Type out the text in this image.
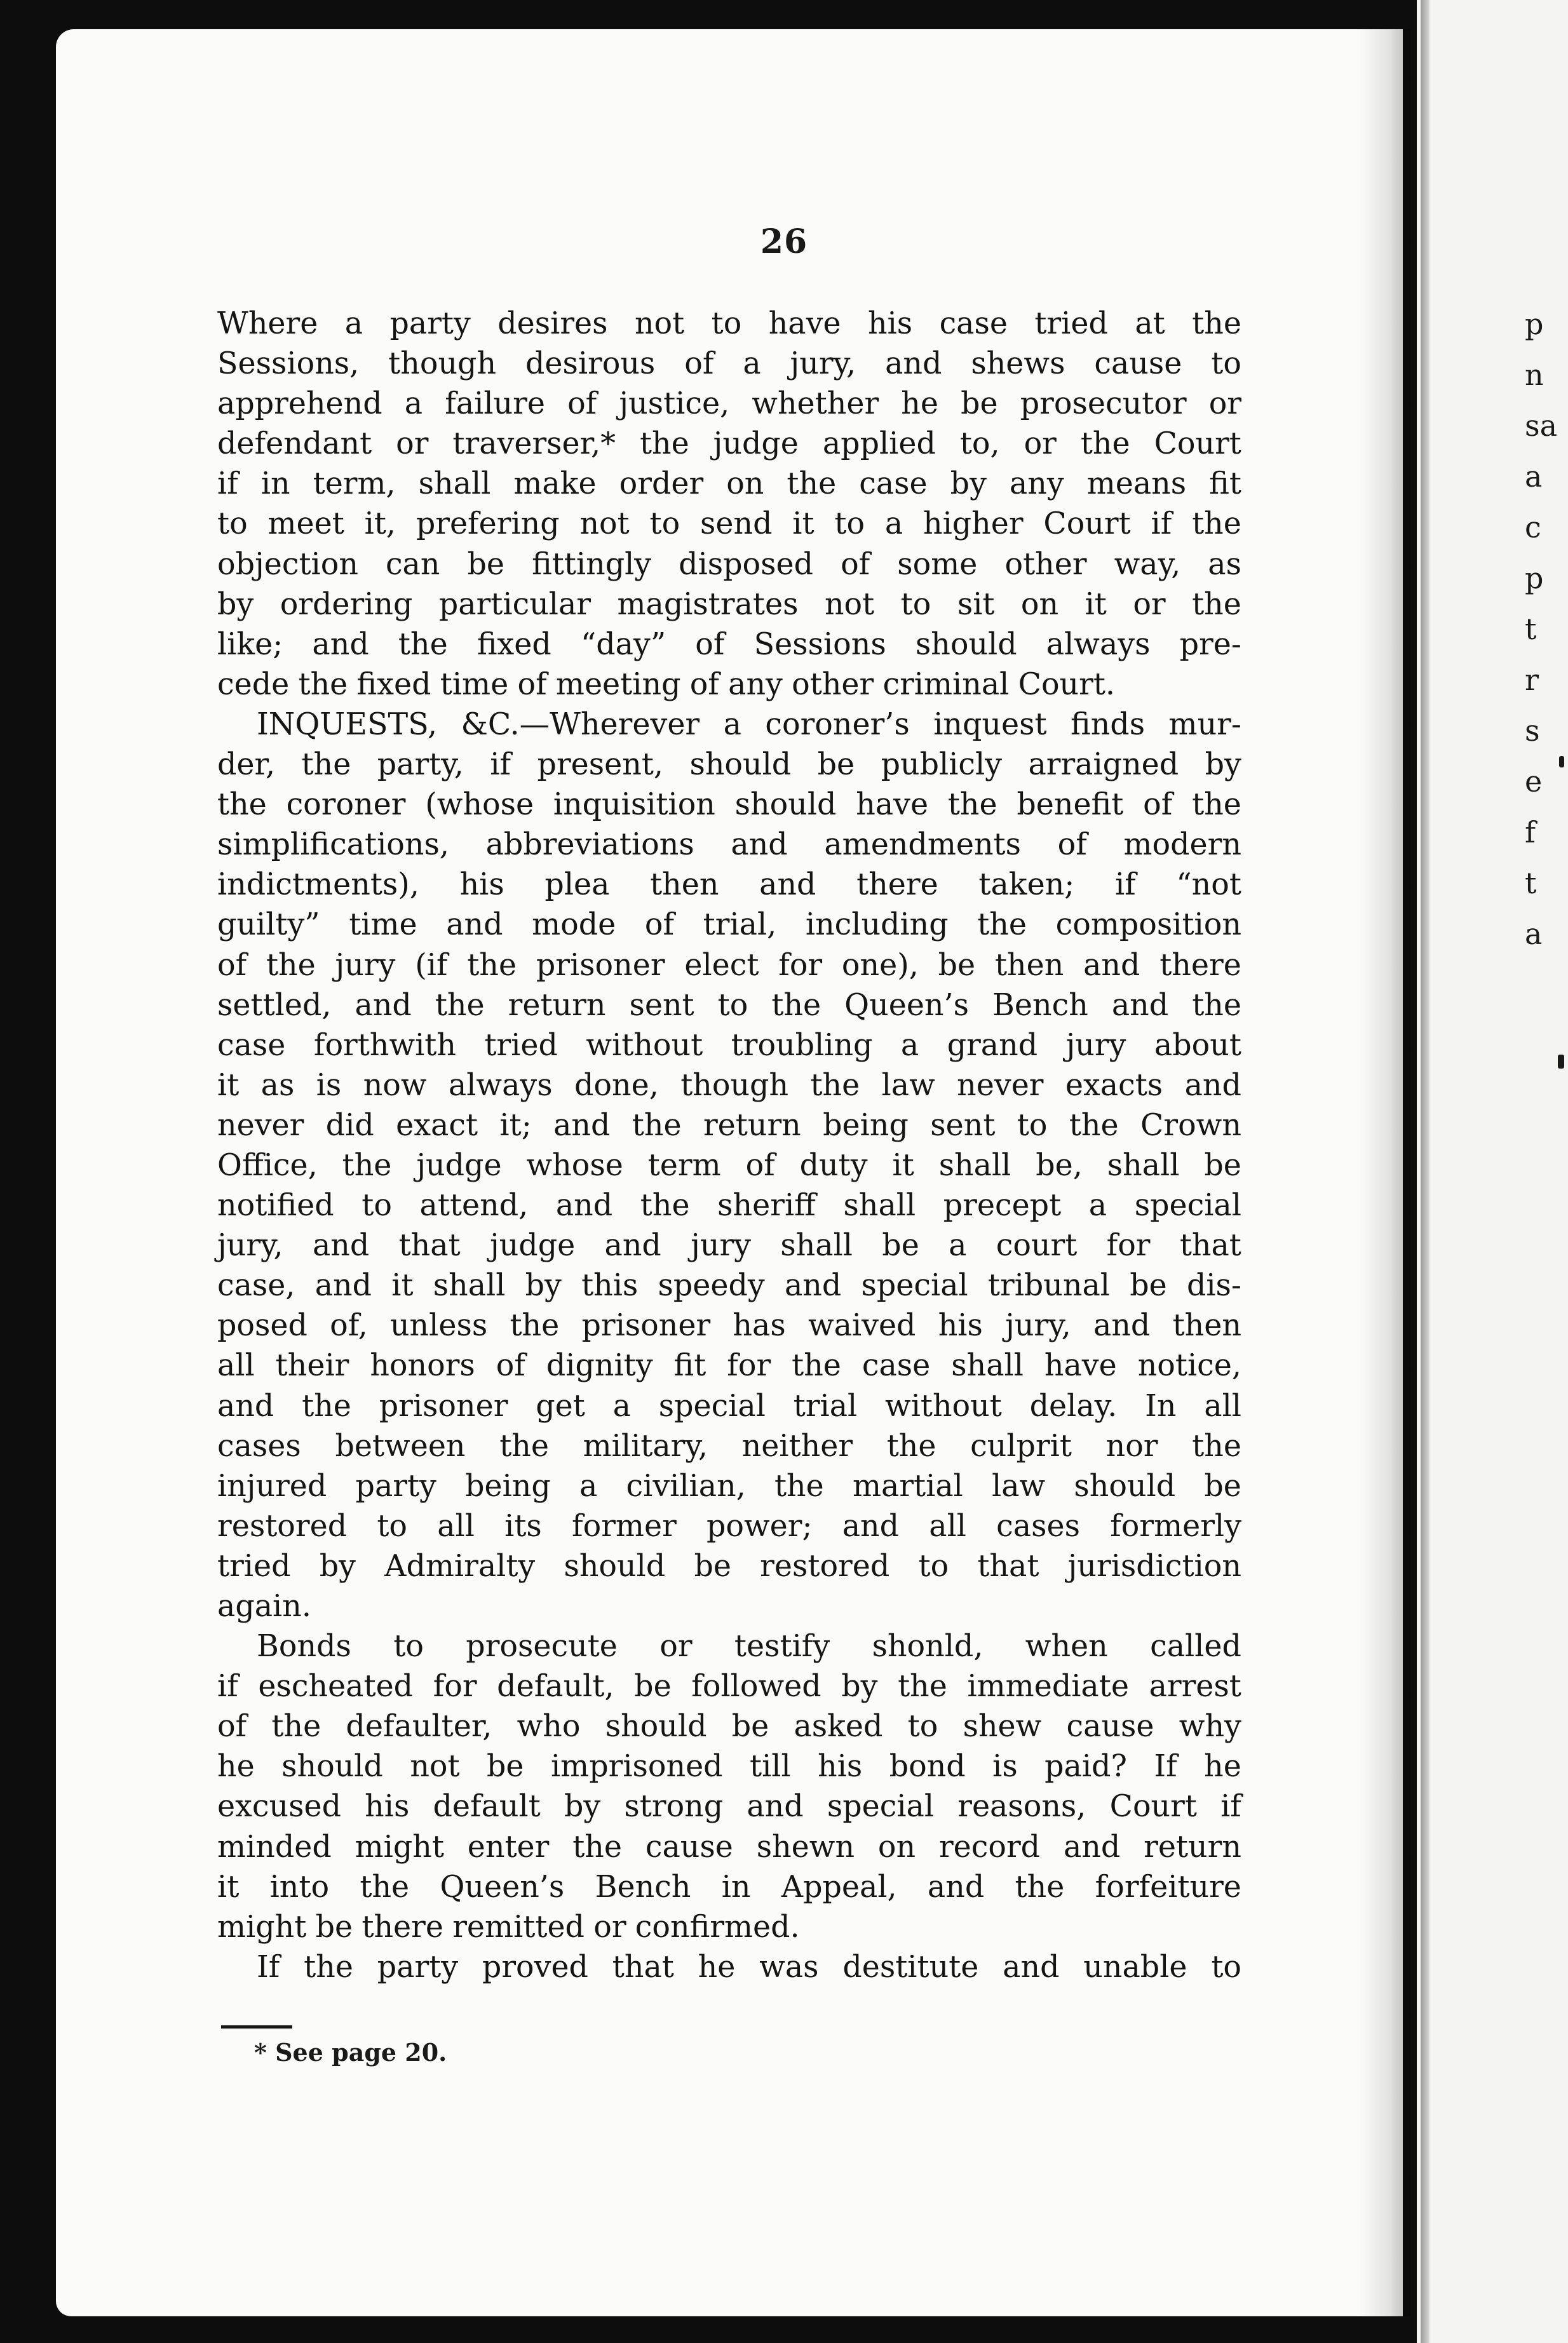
26
Where a party desires not to have his case tried at the
Sessions, though desirous of a jury, and shews cause to
apprehend a failure of justice, whether he be prosecutor or
defendant or traverser,* the judge applied to, or the Court
if in term, shall make order on the case by any means fit
to meet it, prefering not to send it to a higher Court if the
objection can be fittingly disposed of some other way, as
by ordering particular magistrates not to sit on it or the
like; and the fixed “day” of Sessions should always pre-
cede the fixed time of meeting of any other criminal Court.
INQUESTS, &C.—Wherever a coroner’s inquest finds mur-
der, the party, if present, should be publicly arraigned by
the coroner (whose inquisition should have the benefit of the
simplifications, abbreviations and amendments of modern
indictments), his plea then and there taken; if “not
guilty” time and mode of trial, including the composition
of the jury (if the prisoner elect for one), be then and there
settled, and the return sent to the Queen’s Bench and the
case forthwith tried without troubling a grand jury about
it as is now always done, though the law never exacts and
never did exact it; and the return being sent to the Crown
Office, the judge whose term of duty it shall be, shall be
notified to attend, and the sheriff shall precept a special
jury, and that judge and jury shall be a court for that
case, and it shall by this speedy and special tribunal be dis-
posed of, unless the prisoner has waived his jury, and then
all their honors of dignity fit for the case shall have notice,
and the prisoner get a special trial without delay. In all
cases between the military, neither the culprit nor the
injured party being a civilian, the martial law should be
restored to all its former power; and all cases formerly
tried by Admiralty should be restored to that jurisdiction
again.
Bonds to prosecute or testify shonld, when called
if escheated for default, be followed by the immediate arrest
of the defaulter, who should be asked to shew cause why
he should not be imprisoned till his bond is paid? If he
excused his default by strong and special reasons, Court if
minded might enter the cause shewn on record and return
it into the Queen’s Bench in Appeal, and the forfeiture
might be there remitted or confirmed.
If the party proved that he was destitute and unable to
* See page 20.
p
n
sa
a
c
p
t
r
s
e
f
t
a
